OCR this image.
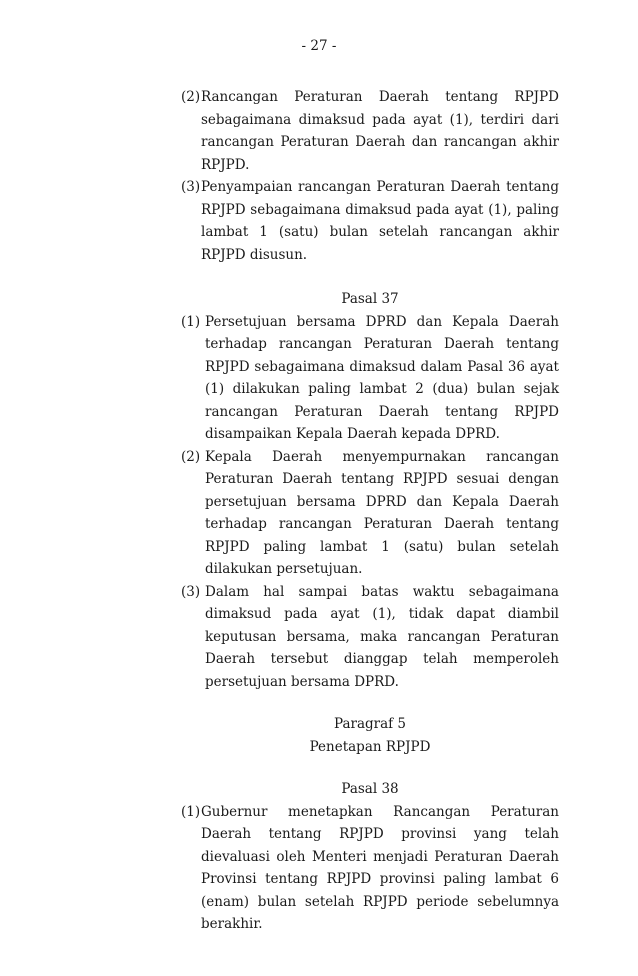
- 27 -
(2) Rancangan Peraturan Daerah tentang RPJPD sebagaimana dimaksud pada ayat (1), terdiri dari rancangan Peraturan Daerah dan rancangan akhir RPJPD.
(3) Penyampaian rancangan Peraturan Daerah tentang RPJPD sebagaimana dimaksud pada ayat (1), paling lambat 1 (satu) bulan setelah rancangan akhir RPJPD disusun.

Pasal 37

(1) Persetujuan bersama DPRD dan Kepala Daerah terhadap rancangan Peraturan Daerah tentang RPJPD sebagaimana dimaksud dalam Pasal 36 ayat (1) dilakukan paling lambat 2 (dua) bulan sejak rancangan Peraturan Daerah tentang RPJPD disampaikan Kepala Daerah kepada DPRD.
(2) Kepala Daerah menyempurnakan rancangan Peraturan Daerah tentang RPJPD sesuai dengan persetujuan bersama DPRD dan Kepala Daerah terhadap rancangan Peraturan Daerah tentang RPJPD paling lambat 1 (satu) bulan setelah dilakukan persetujuan.
(3) Dalam hal sampai batas waktu sebagaimana dimaksud pada ayat (1), tidak dapat diambil keputusan bersama, maka rancangan Peraturan Daerah tersebut dianggap telah memperoleh persetujuan bersama DPRD.

Paragraf 5

Penetapan RPJPD

Pasal 38

(1) Gubernur menetapkan Rancangan Peraturan Daerah tentang RPJPD provinsi yang telah dievaluasi oleh Menteri menjadi Peraturan Daerah Provinsi tentang RPJPD provinsi paling lambat 6 (enam) bulan setelah RPJPD periode sebelumnya berakhir.
